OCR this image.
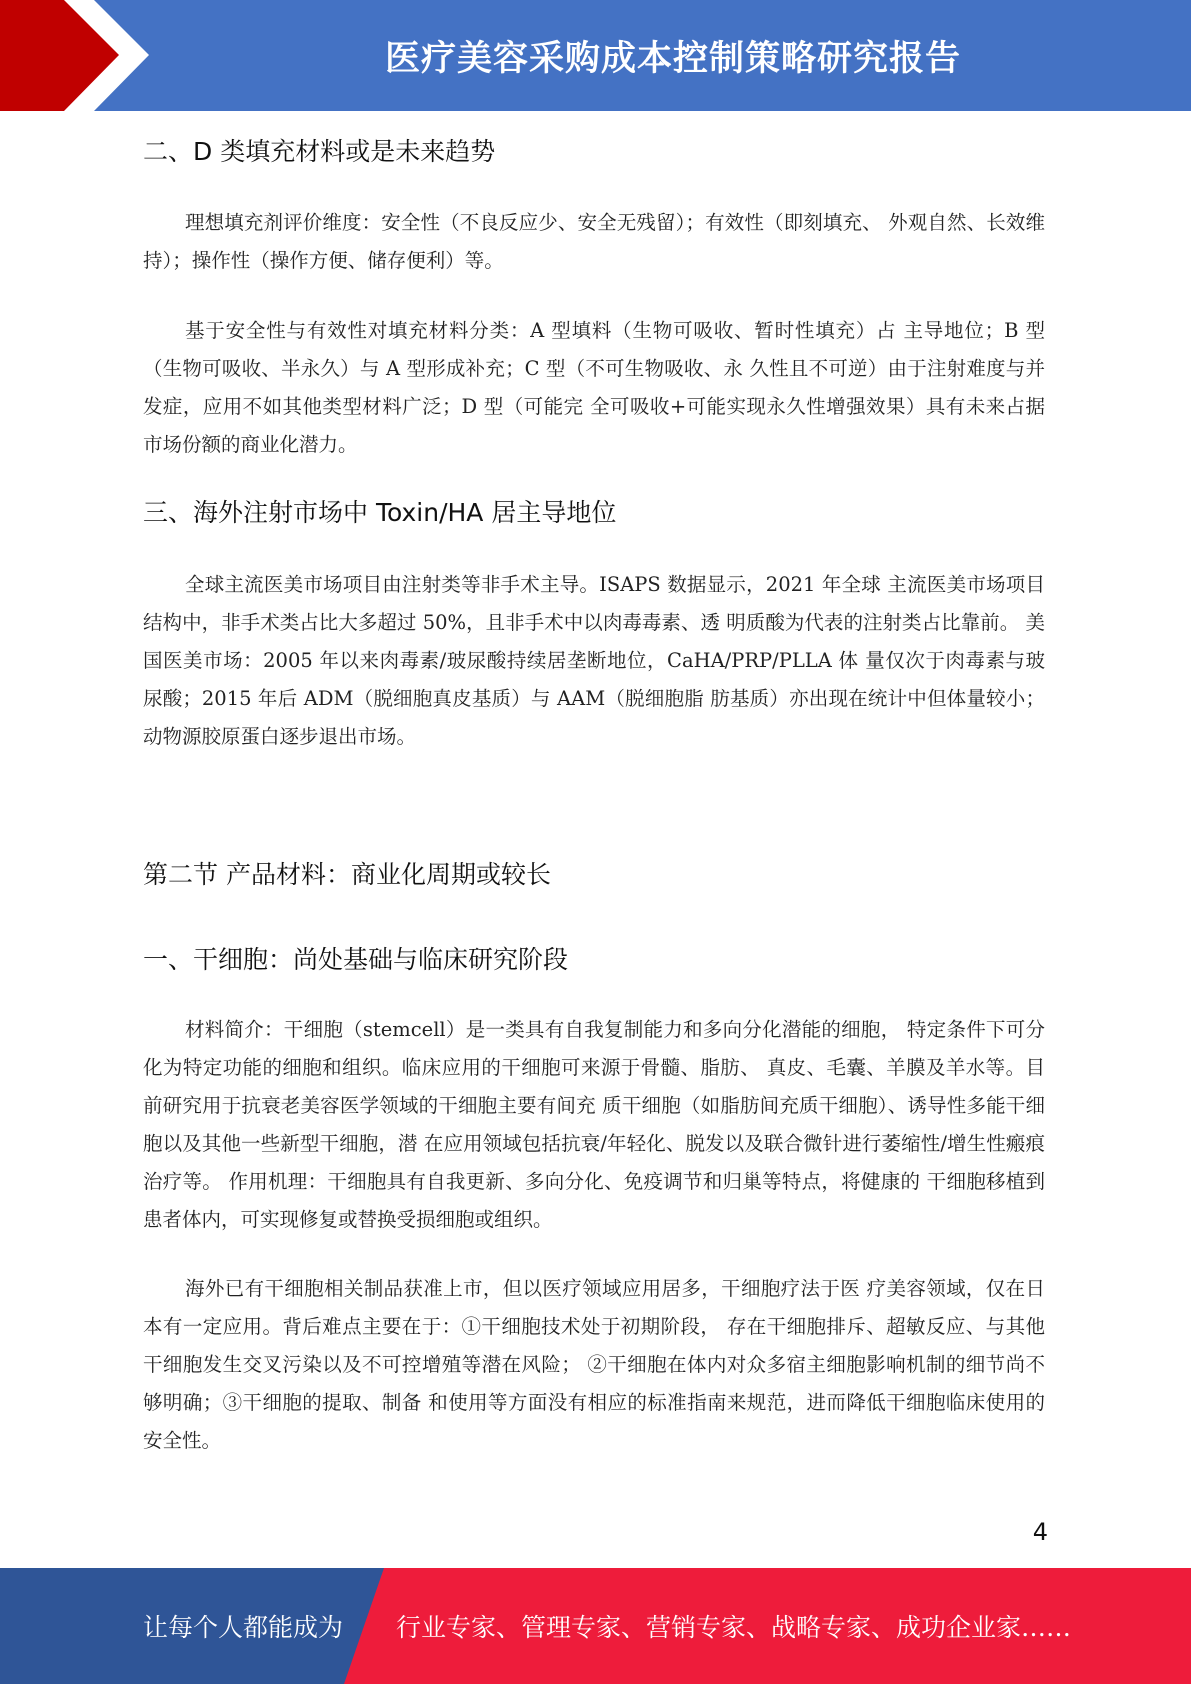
医疗美容采购成本控制策略研究报告
二、D 类填充材料或是未来趋势
理想填充剂评价维度：安全性（不良反应少、安全无残留）；有效性（即刻填充、 外观自然、长效维持）；操作性（操作方便、储存便利）等。
基于安全性与有效性对填充材料分类：A 型填料（生物可吸收、暂时性填充）占 主导地位；B 型（生物可吸收、半永久）与 A 型形成补充；C 型（不可生物吸收、永 久性且不可逆）由于注射难度与并发症，应用不如其他类型材料广泛；D 型（可能完 全可吸收+可能实现永久性增强效果）具有未来占据市场份额的商业化潜力。
三、海外注射市场中 Toxin/HA 居主导地位
全球主流医美市场项目由注射类等非手术主导。ISAPS 数据显示，2021 年全球 主流医美市场项目结构中，非手术类占比大多超过 50%，且非手术中以肉毒毒素、透 明质酸为代表的注射类占比靠前。 美国医美市场：2005 年以来肉毒素/玻尿酸持续居垄断地位，CaHA/PRP/PLLA 体 量仅次于肉毒素与玻尿酸；2015 年后 ADM（脱细胞真皮基质）与 AAM（脱细胞脂 肪基质）亦出现在统计中但体量较小；动物源胶原蛋白逐步退出市场。
第二节 产品材料：商业化周期或较长
一、干细胞：尚处基础与临床研究阶段
材料简介：干细胞（stemcell）是一类具有自我复制能力和多向分化潜能的细胞， 特定条件下可分化为特定功能的细胞和组织。临床应用的干细胞可来源于骨髓、脂肪、 真皮、毛囊、羊膜及羊水等。目前研究用于抗衰老美容医学领域的干细胞主要有间充 质干细胞（如脂肪间充质干细胞）、诱导性多能干细胞以及其他一些新型干细胞，潜 在应用领域包括抗衰/年轻化、脱发以及联合微针进行萎缩性/增生性瘢痕治疗等。 作用机理：干细胞具有自我更新、多向分化、免疫调节和归巢等特点，将健康的 干细胞移植到患者体内，可实现修复或替换受损细胞或组织。
海外已有干细胞相关制品获准上市，但以医疗领域应用居多，干细胞疗法于医 疗美容领域，仅在日本有一定应用。背后难点主要在于：①干细胞技术处于初期阶段， 存在干细胞排斥、超敏反应、与其他干细胞发生交叉污染以及不可控增殖等潜在风险； ②干细胞在体内对众多宿主细胞影响机制的细节尚不够明确；③干细胞的提取、制备 和使用等方面没有相应的标准指南来规范，进而降低干细胞临床使用的安全性。
4
让每个人都能成为 行业专家、管理专家、营销专家、战略专家、成功企业家……
